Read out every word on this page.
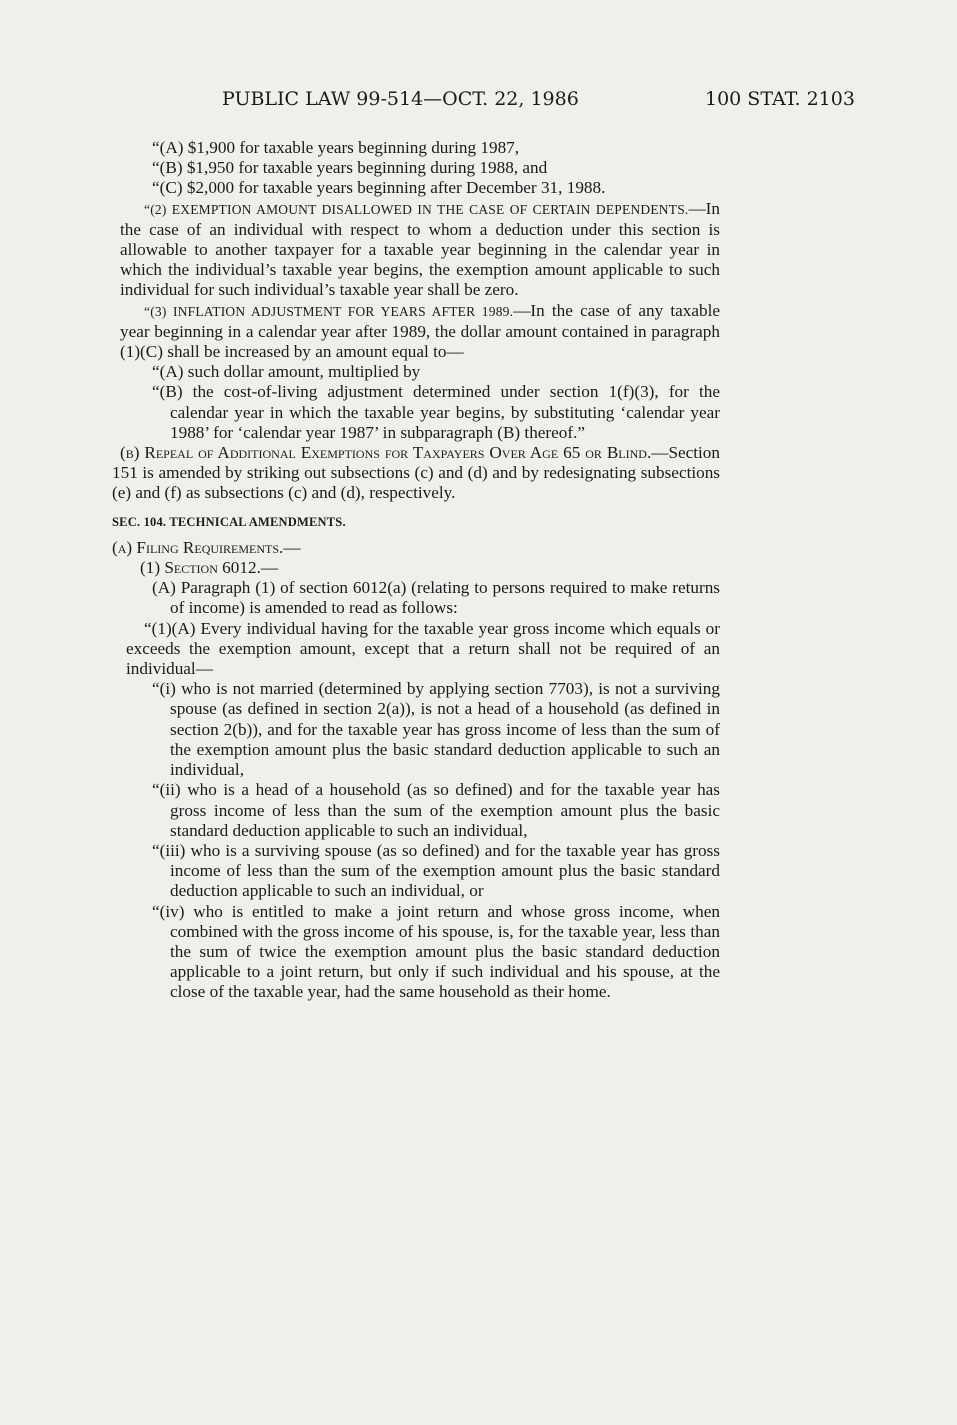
PUBLIC LAW 99-514—OCT. 22, 1986	100 STAT. 2103

“(A) $1,900 for taxable years beginning during 1987,

“(B) $1,950 for taxable years beginning during 1988, and

“(C) $2,000 for taxable years beginning after December 31, 1988.

“(2) EXEMPTION AMOUNT DISALLOWED IN THE CASE OF CERTAIN DEPENDENTS.—In the case of an individual with respect to whom a deduction under this section is allowable to another taxpayer for a taxable year beginning in the calendar year in which the individual’s taxable year begins, the exemption amount applicable to such individual for such individual’s taxable year shall be zero.

“(3) INFLATION ADJUSTMENT FOR YEARS AFTER 1989.—In the case of any taxable year beginning in a calendar year after 1989, the dollar amount contained in paragraph (1)(C) shall be increased by an amount equal to—

“(A) such dollar amount, multiplied by

“(B) the cost-of-living adjustment determined under section 1(f)(3), for the calendar year in which the taxable year begins, by substituting ‘calendar year 1988’ for ‘calendar year 1987’ in subparagraph (B) thereof.”

(b) Repeal of Additional Exemptions for Taxpayers Over Age 65 or Blind.—Section 151 is amended by striking out subsections (c) and (d) and by redesignating subsections (e) and (f) as subsections (c) and (d), respectively.

SEC. 104. TECHNICAL AMENDMENTS.

(a) Filing Requirements.—

(1) Section 6012.—

(A) Paragraph (1) of section 6012(a) (relating to persons required to make returns of income) is amended to read as follows:

“(1)(A) Every individual having for the taxable year gross income which equals or exceeds the exemption amount, except that a return shall not be required of an individual—

“(i) who is not married (determined by applying section 7703), is not a surviving spouse (as defined in section 2(a)), is not a head of a household (as defined in section 2(b)), and for the taxable year has gross income of less than the sum of the exemption amount plus the basic standard deduction applicable to such an individual,

“(ii) who is a head of a household (as so defined) and for the taxable year has gross income of less than the sum of the exemption amount plus the basic standard deduction applicable to such an individual,

“(iii) who is a surviving spouse (as so defined) and for the taxable year has gross income of less than the sum of the exemption amount plus the basic standard deduction applicable to such an individual, or

“(iv) who is entitled to make a joint return and whose gross income, when combined with the gross income of his spouse, is, for the taxable year, less than the sum of twice the exemption amount plus the basic standard deduction applicable to a joint return, but only if such individual and his spouse, at the close of the taxable year, had the same household as their home.
